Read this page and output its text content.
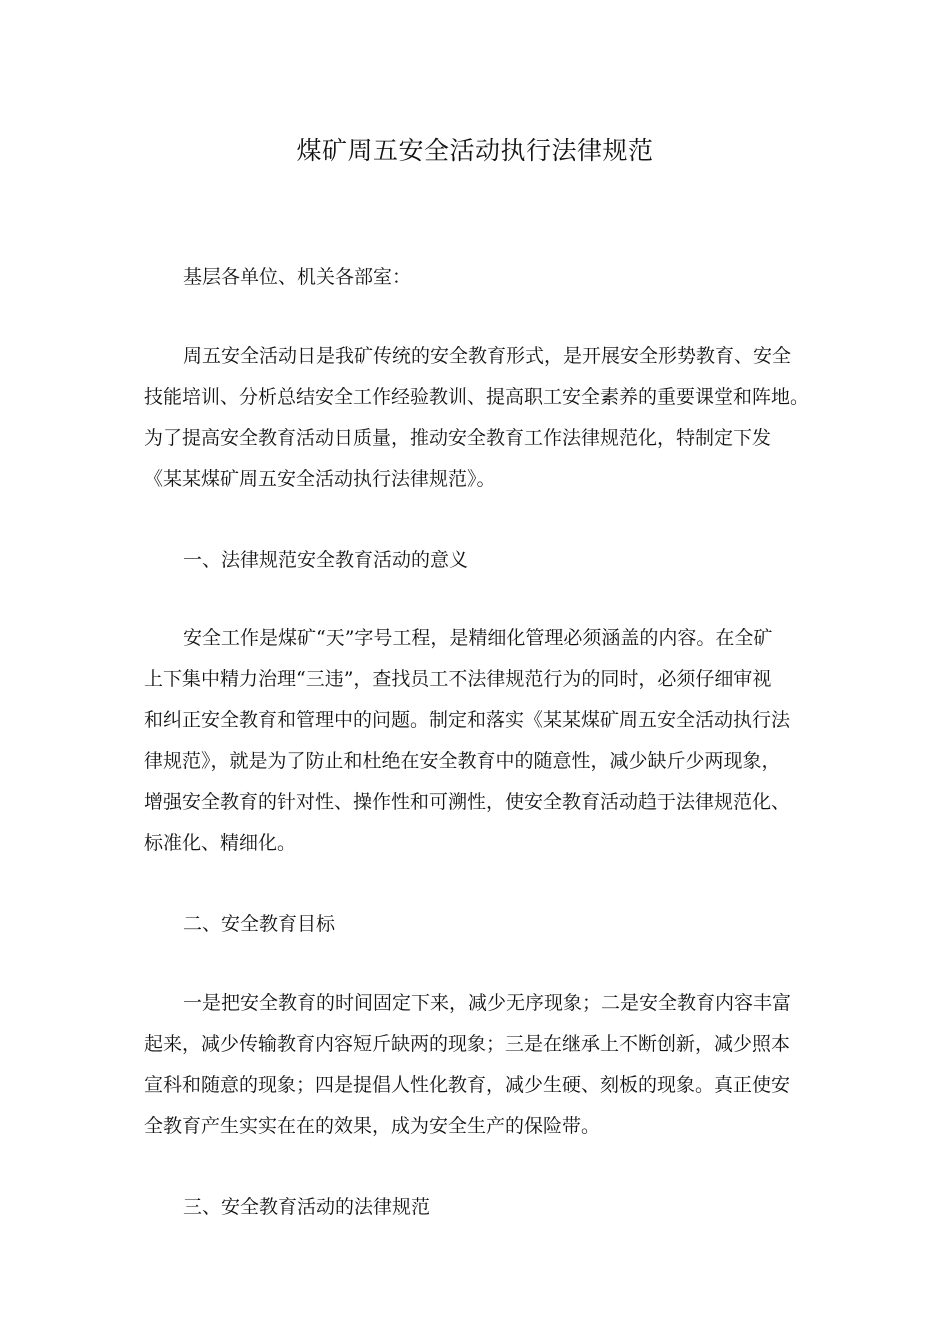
煤矿周五安全活动执行法律规范
基层各单位、机关各部室：
周五安全活动日是我矿传统的安全教育形式，是开展安全形势教育、安全
技能培训、分析总结安全工作经验教训、提高职工安全素养的重要课堂和阵地。
为了提高安全教育活动日质量，推动安全教育工作法律规范化，特制定下发
《某某煤矿周五安全活动执行法律规范》。
一、法律规范安全教育活动的意义
安全工作是煤矿“天”字号工程，是精细化管理必须涵盖的内容。在全矿
上下集中精力治理“三违”，查找员工不法律规范行为的同时，必须仔细审视
和纠正安全教育和管理中的问题。制定和落实《某某煤矿周五安全活动执行法
律规范》，就是为了防止和杜绝在安全教育中的随意性，减少缺斤少两现象，
增强安全教育的针对性、操作性和可溯性，使安全教育活动趋于法律规范化、
标准化、精细化。
二、安全教育目标
一是把安全教育的时间固定下来，减少无序现象；二是安全教育内容丰富
起来，减少传输教育内容短斤缺两的现象；三是在继承上不断创新，减少照本
宣科和随意的现象；四是提倡人性化教育，减少生硬、刻板的现象。真正使安
全教育产生实实在在的效果，成为安全生产的保险带。
三、安全教育活动的法律规范
